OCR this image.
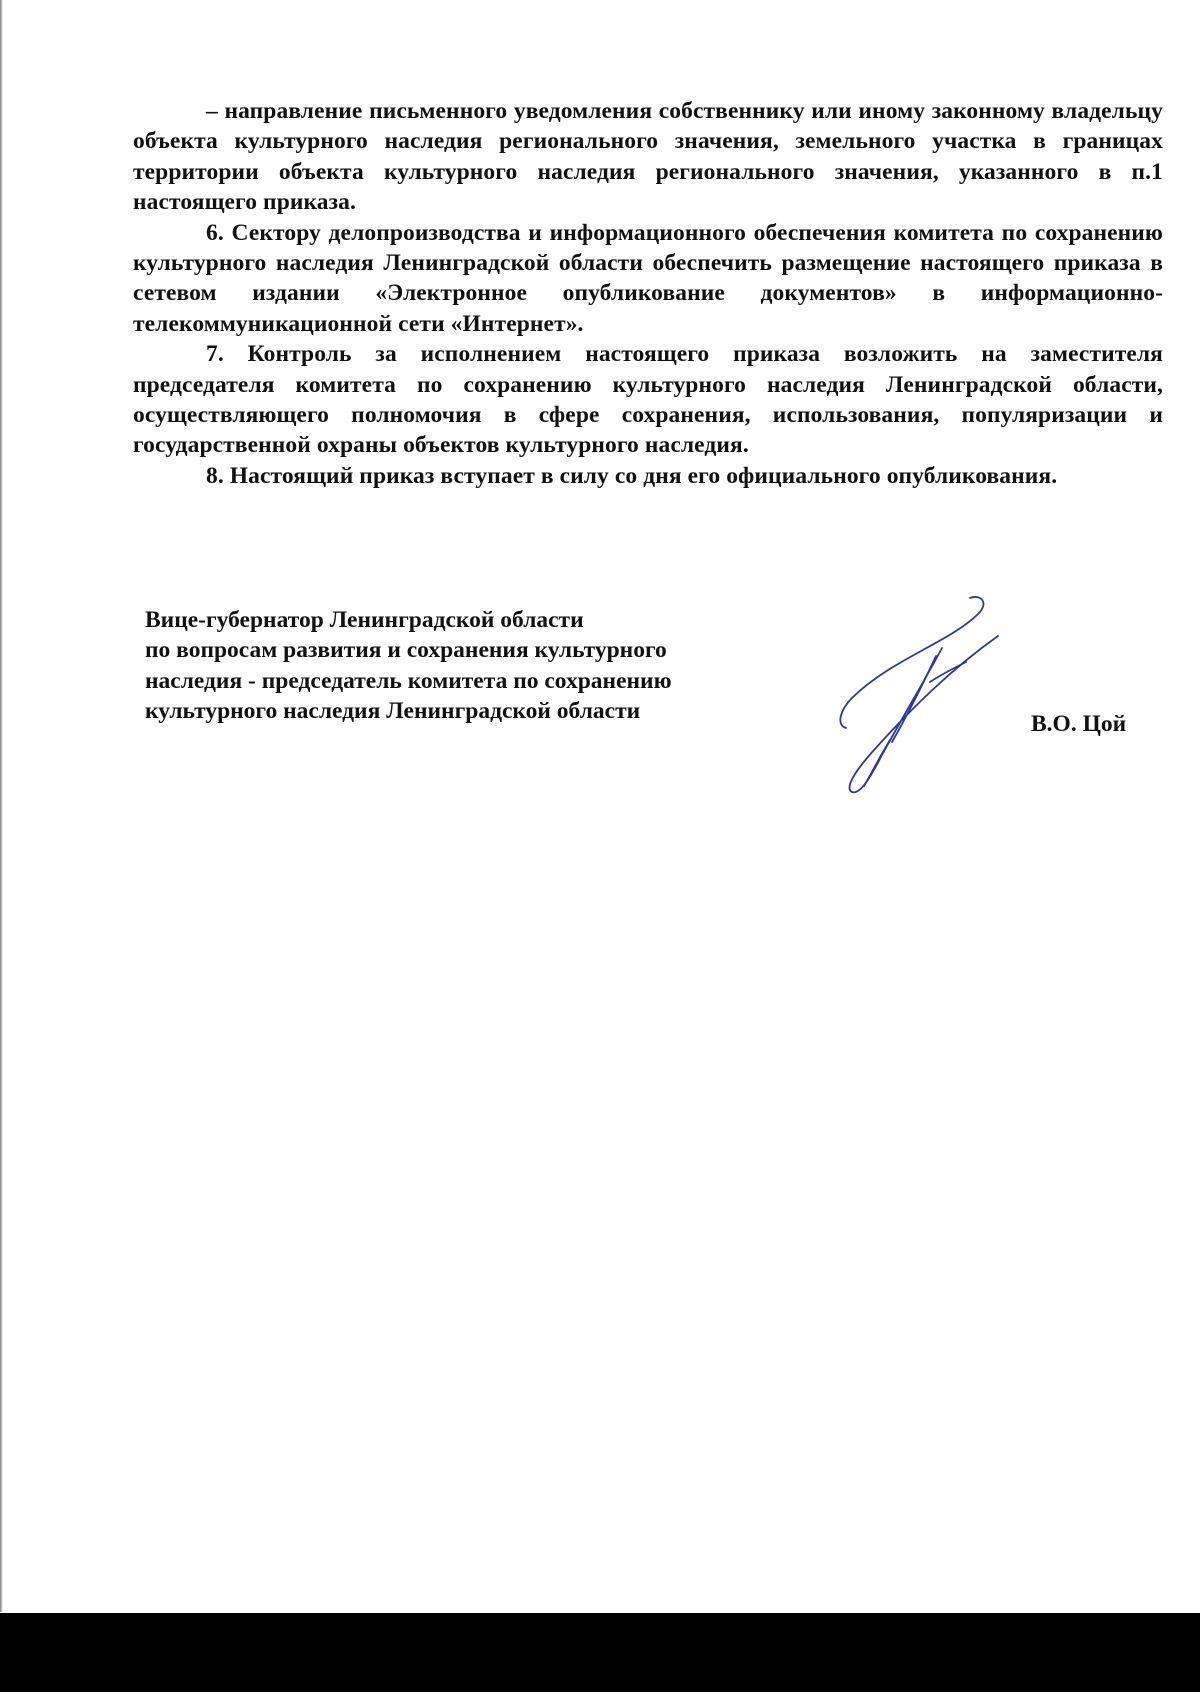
– направление письменного уведомления собственнику или иному законному владельцу объекта культурного наследия регионального значения, земельного участка в границах территории объекта культурного наследия регионального значения, указанного в п.1 настоящего приказа.

6. Сектору делопроизводства и информационного обеспечения комитета по сохранению культурного наследия Ленинградской области обеспечить размещение настоящего приказа в сетевом издании «Электронное опубликование документов» в информационно-телекоммуникационной сети «Интернет».

7. Контроль за исполнением настоящего приказа возложить на заместителя председателя комитета по сохранению культурного наследия Ленинградской области, осуществляющего полномочия в сфере сохранения, использования, популяризации и государственной охраны объектов культурного наследия.

8. Настоящий приказ вступает в силу со дня его официального опубликования.

Вице-губернатор Ленинградской области
по вопросам развития и сохранения культурного
наследия - председатель комитета по сохранению
культурного наследия Ленинградской области	В.О. Цой
